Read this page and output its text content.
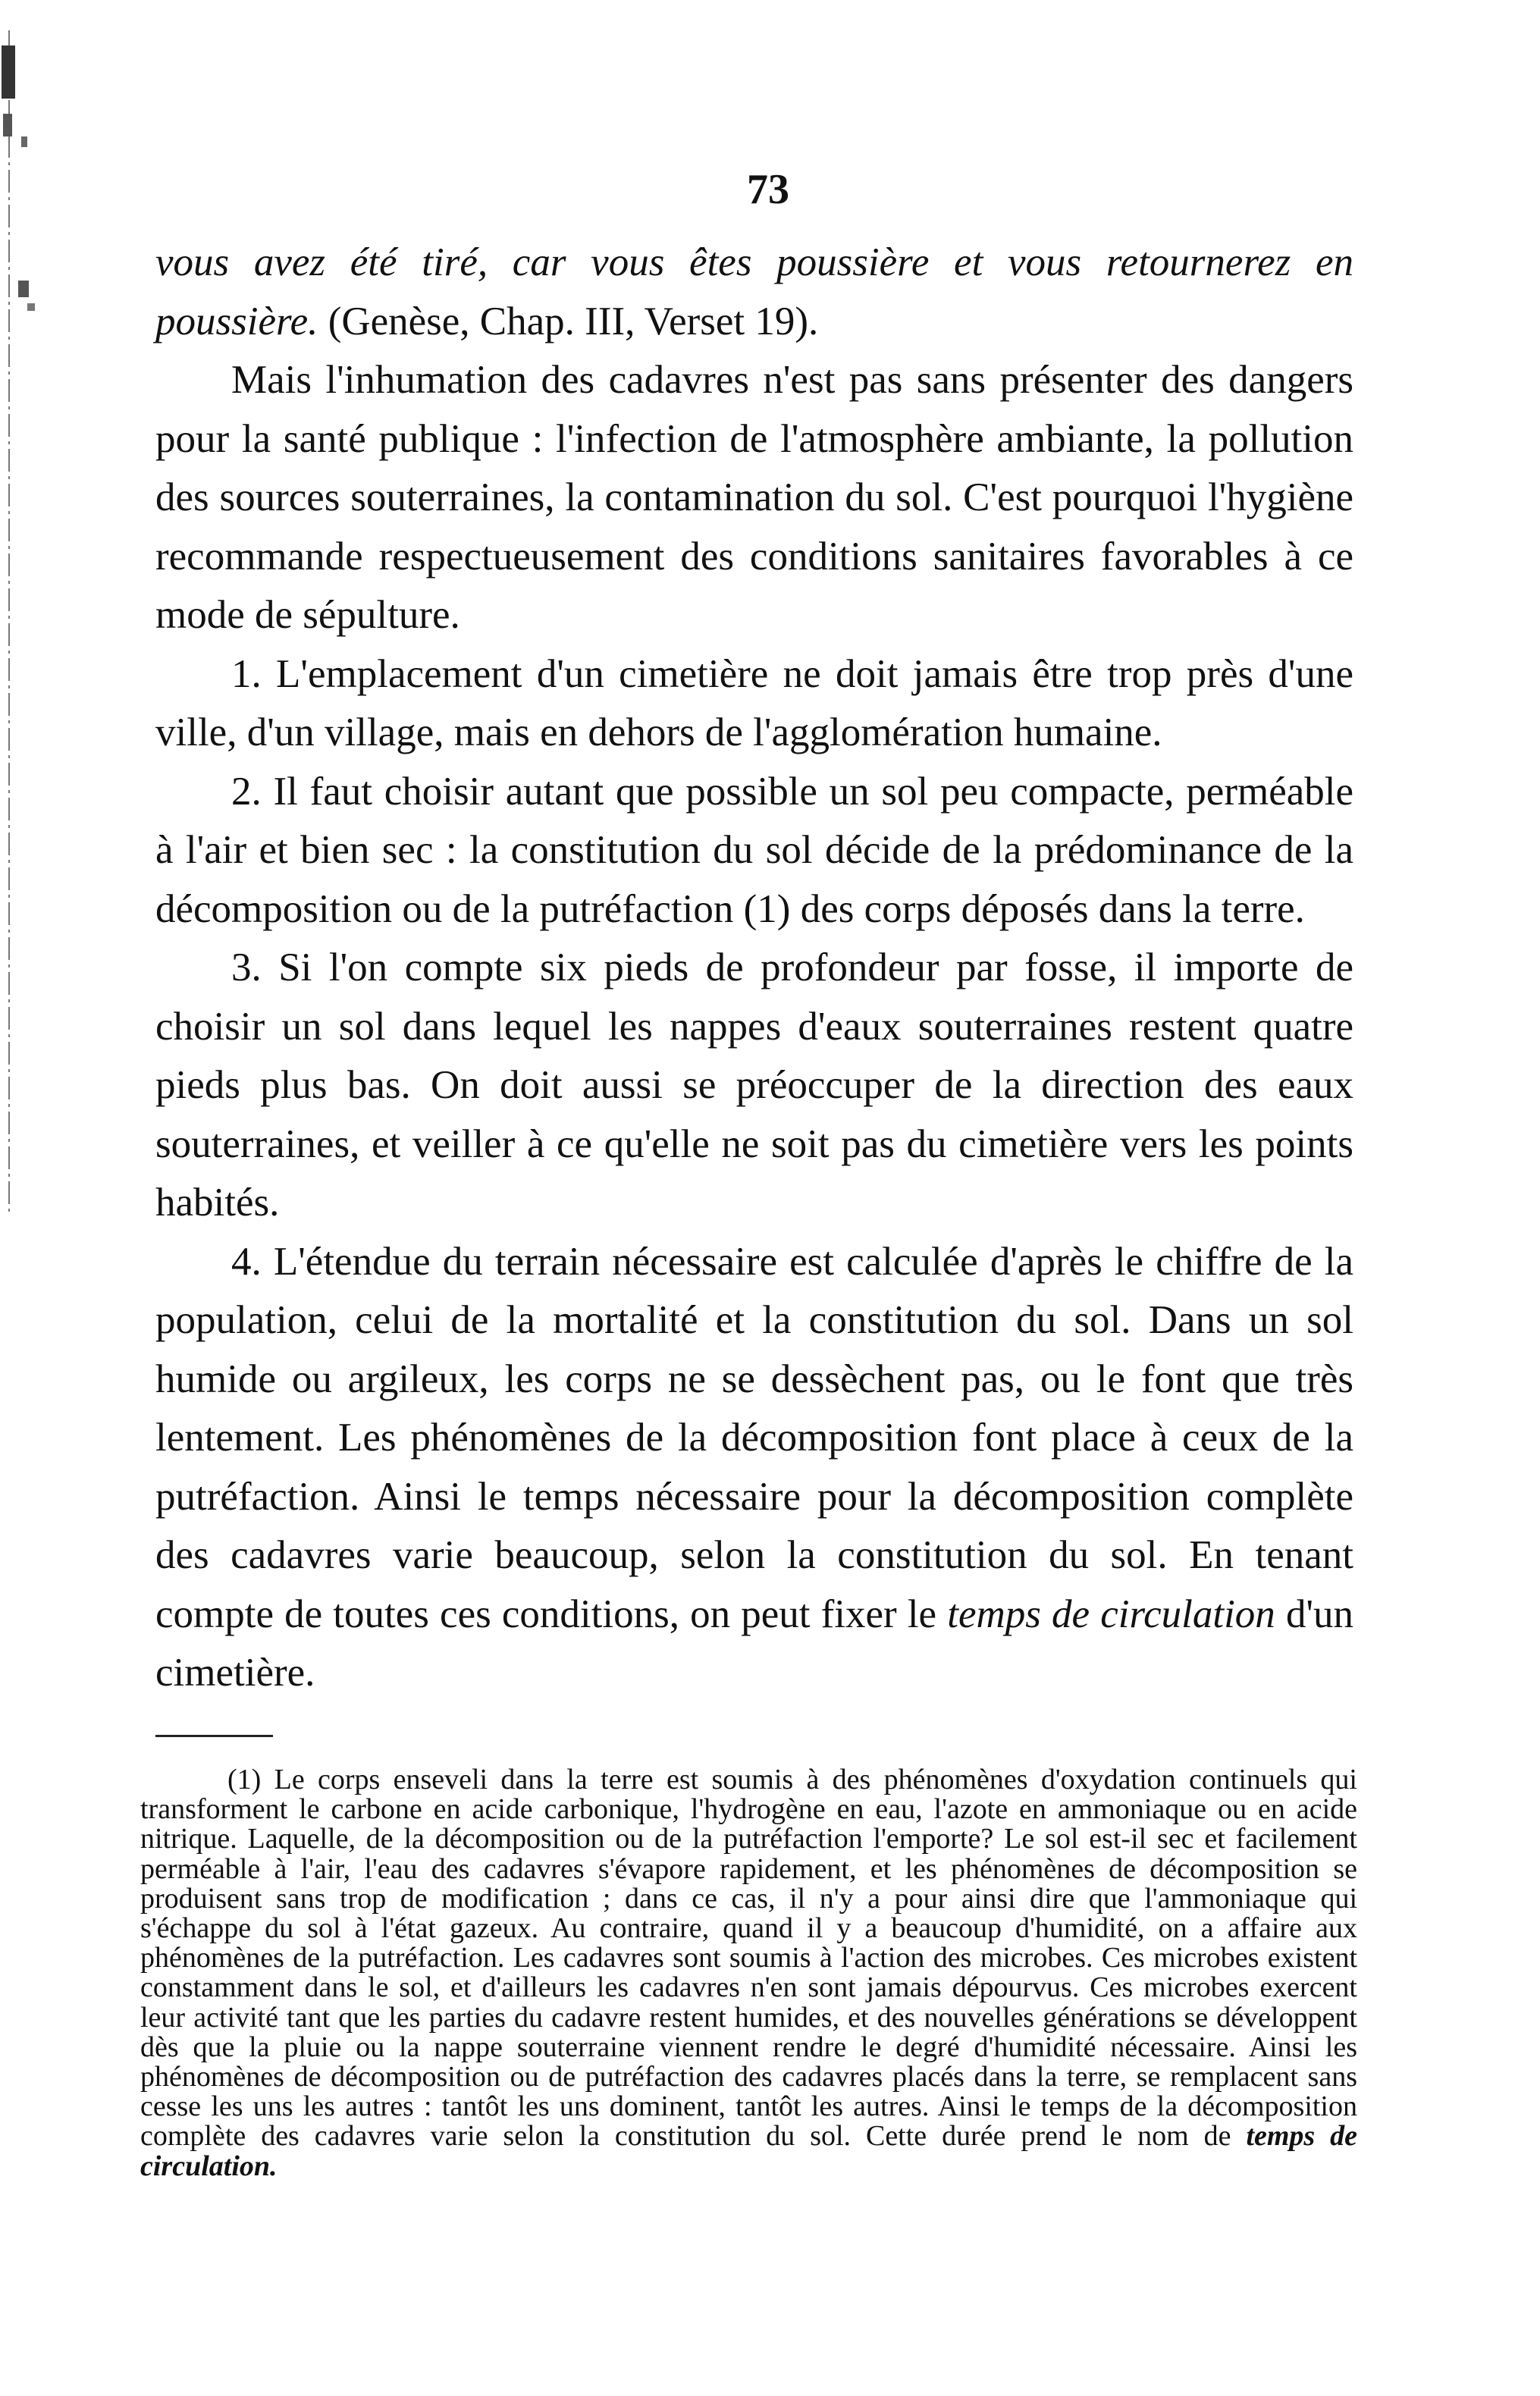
73

vous avez été tiré, car vous êtes poussière et vous retournerez en poussière. (Genèse, Chap. III, Verset 19).

Mais l'inhumation des cadavres n'est pas sans présenter des dangers pour la santé publique : l'infection de l'atmosphère ambiante, la pollution des sources souterraines, la contamination du sol. C'est pourquoi l'hygiène recommande respectueusement des conditions sanitaires favorables à ce mode de sépulture.

1. L'emplacement d'un cimetière ne doit jamais être trop près d'une ville, d'un village, mais en dehors de l'agglomération humaine.

2. Il faut choisir autant que possible un sol peu compacte, perméable à l'air et bien sec : la constitution du sol décide de la prédominance de la décomposition ou de la putréfaction (1) des corps déposés dans la terre.

3. Si l'on compte six pieds de profondeur par fosse, il importe de choisir un sol dans lequel les nappes d'eaux souterraines restent quatre pieds plus bas. On doit aussi se préoccuper de la direction des eaux souterraines, et veiller à ce qu'elle ne soit pas du cimetière vers les points habités.

4. L'étendue du terrain nécessaire est calculée d'après le chiffre de la population, celui de la mortalité et la constitution du sol. Dans un sol humide ou argileux, les corps ne se dessèchent pas, ou le font que très lentement. Les phénomènes de la décomposition font place à ceux de la putréfaction. Ainsi le temps nécessaire pour la décomposition complète des cadavres varie beaucoup, selon la constitution du sol. En tenant compte de toutes ces conditions, on peut fixer le temps de circulation d'un cimetière.

(1) Le corps enseveli dans la terre est soumis à des phénomènes d'oxydation continuels qui transforment le carbone en acide carbonique, l'hydrogène en eau, l'azote en ammoniaque ou en acide nitrique. Laquelle, de la décomposition ou de la putréfaction l'emporte? Le sol est-il sec et facilement perméable à l'air, l'eau des cadavres s'évapore rapidement, et les phénomènes de décomposition se produisent sans trop de modification ; dans ce cas, il n'y a pour ainsi dire que l'ammoniaque qui s'échappe du sol à l'état gazeux. Au contraire, quand il y a beaucoup d'humidité, on a affaire aux phénomènes de la putréfaction. Les cadavres sont soumis à l'action des microbes. Ces microbes existent constamment dans le sol, et d'ailleurs les cadavres n'en sont jamais dépourvus. Ces microbes exercent leur activité tant que les parties du cadavre restent humides, et des nouvelles générations se développent dès que la pluie ou la nappe souterraine viennent rendre le degré d'humidité nécessaire. Ainsi les phénomènes de décomposition ou de putréfaction des cadavres placés dans la terre, se remplacent sans cesse les uns les autres : tantôt les uns dominent, tantôt les autres. Ainsi le temps de la décomposition complète des cadavres varie selon la constitution du sol. Cette durée prend le nom de temps de circulation.
